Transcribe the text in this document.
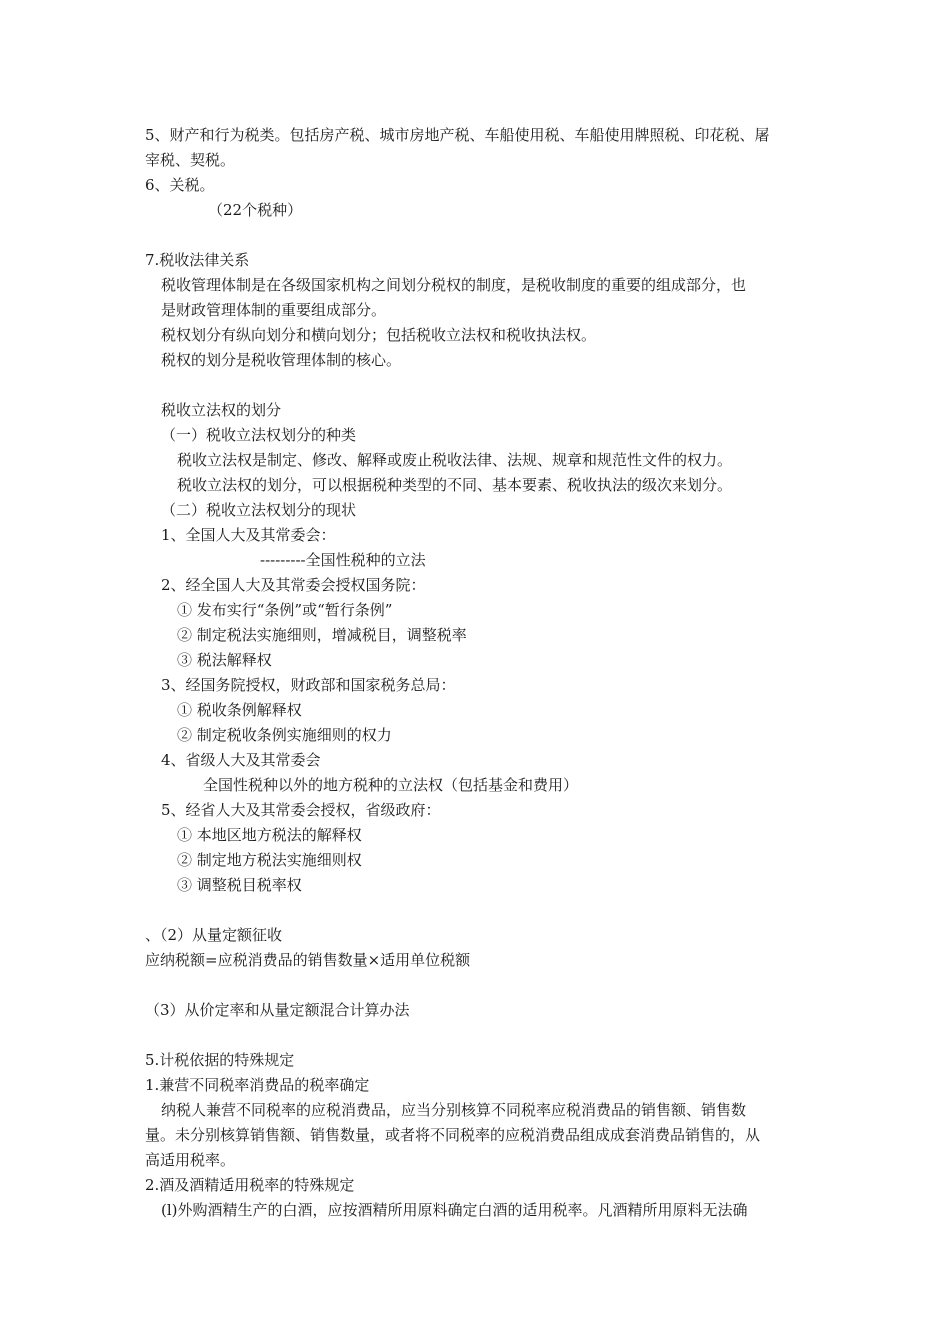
5、财产和行为税类。包括房产税、城市房地产税、车船使用税、车船使用牌照税、印花税、屠
宰税、契税。
6、关税。
（22个税种）
7.税收法律关系
税收管理体制是在各级国家机构之间划分税权的制度，是税收制度的重要的组成部分，也
是财政管理体制的重要组成部分。
税权划分有纵向划分和横向划分；包括税收立法权和税收执法权。
税权的划分是税收管理体制的核心。
税收立法权的划分
（一）税收立法权划分的种类
税收立法权是制定、修改、解释或废止税收法律、法规、规章和规范性文件的权力。
税收立法权的划分，可以根据税种类型的不同、基本要素、税收执法的级次来划分。
（二）税收立法权划分的现状
1、全国人大及其常委会：
---------全国性税种的立法
2、经全国人大及其常委会授权国务院：
① 发布实行“条例”或“暂行条例”
② 制定税法实施细则，增减税目，调整税率
③ 税法解释权
3、经国务院授权，财政部和国家税务总局：
① 税收条例解释权
② 制定税收条例实施细则的权力
4、省级人大及其常委会
全国性税种以外的地方税种的立法权（包括基金和费用）
5、经省人大及其常委会授权，省级政府：
① 本地区地方税法的解释权
② 制定地方税法实施细则权
③ 调整税目税率权
、（2）从量定额征收
应纳税额=应税消费品的销售数量×适用单位税额
（3）从价定率和从量定额混合计算办法
5.计税依据的特殊规定
1.兼营不同税率消费品的税率确定
纳税人兼营不同税率的应税消费品，应当分别核算不同税率应税消费品的销售额、销售数
量。未分别核算销售额、销售数量，或者将不同税率的应税消费品组成成套消费品销售的，从
高适用税率。
2.酒及酒精适用税率的特殊规定
(l)外购酒精生产的白酒，应按酒精所用原料确定白酒的适用税率。凡酒精所用原料无法确
